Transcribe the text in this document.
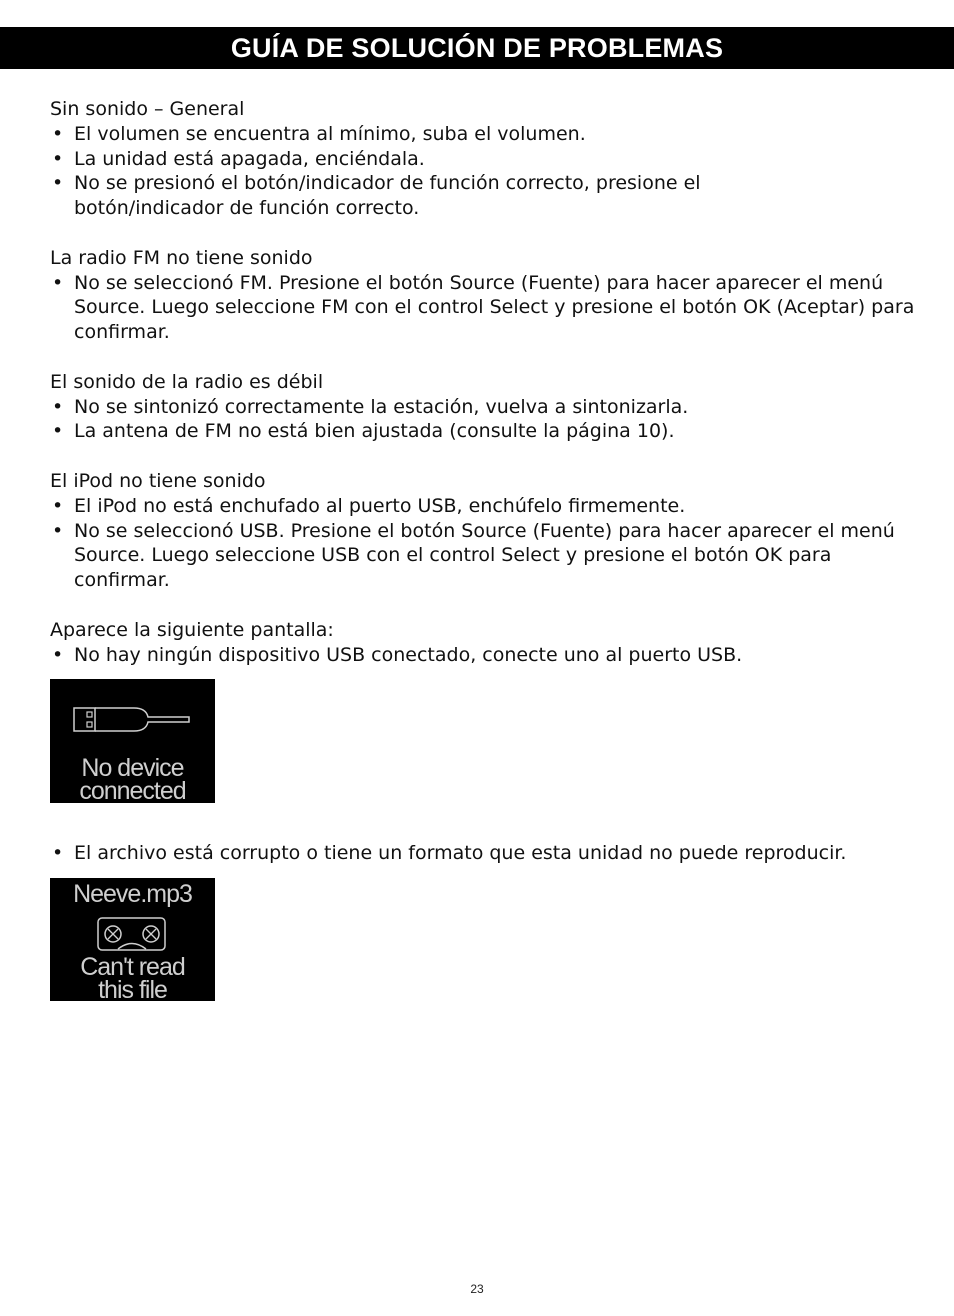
GUÍA DE SOLUCIÓN DE PROBLEMAS
Sin sonido – General
• El volumen se encuentra al mínimo, suba el volumen.
• La unidad está apagada, enciéndala.
• No se presionó el botón/indicador de función correcto, presione el botón/indicador de función correcto.
La radio FM no tiene sonido
• No se seleccionó FM. Presione el botón Source (Fuente) para hacer aparecer el menú Source. Luego seleccione FM con el control Select y presione el botón OK (Aceptar) para confirmar.
El sonido de la radio es débil
• No se sintonizó correctamente la estación, vuelva a sintonizarla.
• La antena de FM no está bien ajustada (consulte la página 10).
El iPod no tiene sonido
• El iPod no está enchufado al puerto USB, enchúfelo firmemente.
• No se seleccionó USB. Presione el botón Source (Fuente) para hacer aparecer el menú Source. Luego seleccione USB con el control Select y presione el botón OK para confirmar.
Aparece la siguiente pantalla:
• No hay ningún dispositivo USB conectado, conecte uno al puerto USB.
No device
connected
• El archivo está corrupto o tiene un formato que esta unidad no puede reproducir.
Neeve.mp3
Can't read
this file
23
